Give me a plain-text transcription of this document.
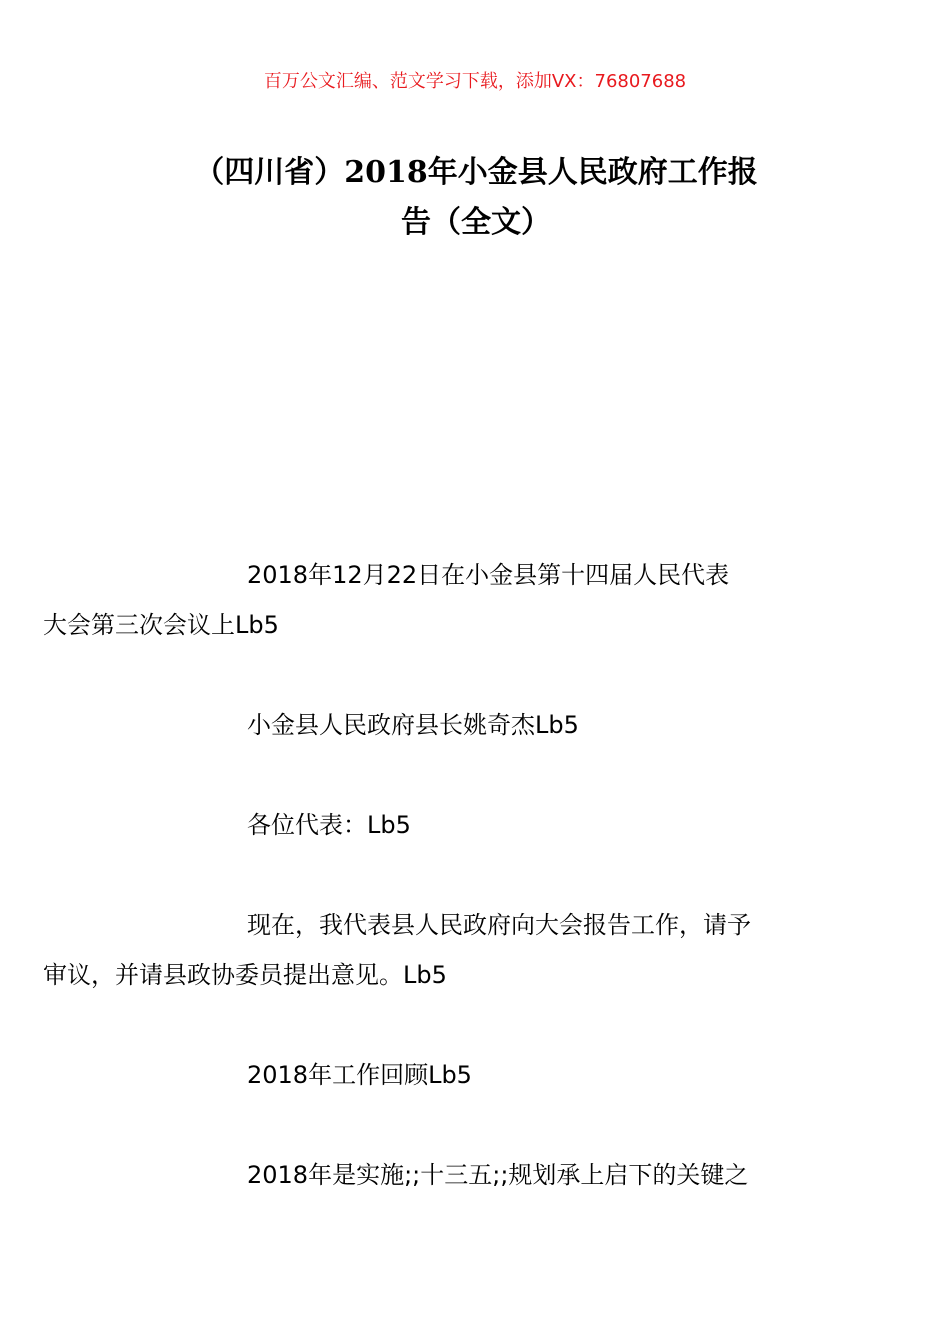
百万公文汇编、范文学习下载，添加VX：76807688
（四川省）2018年小金县人民政府工作报
告（全文）

2018年12月22日在小金县第十四届人民代表
大会第三次会议上Lb5

小金县人民政府县长姚奇杰Lb5

各位代表：Lb5

现在，我代表县人民政府向大会报告工作，请予
审议，并请县政协委员提出意见。Lb5

2018年工作回顾Lb5

2018年是实施;;十三五;;规划承上启下的关键之
